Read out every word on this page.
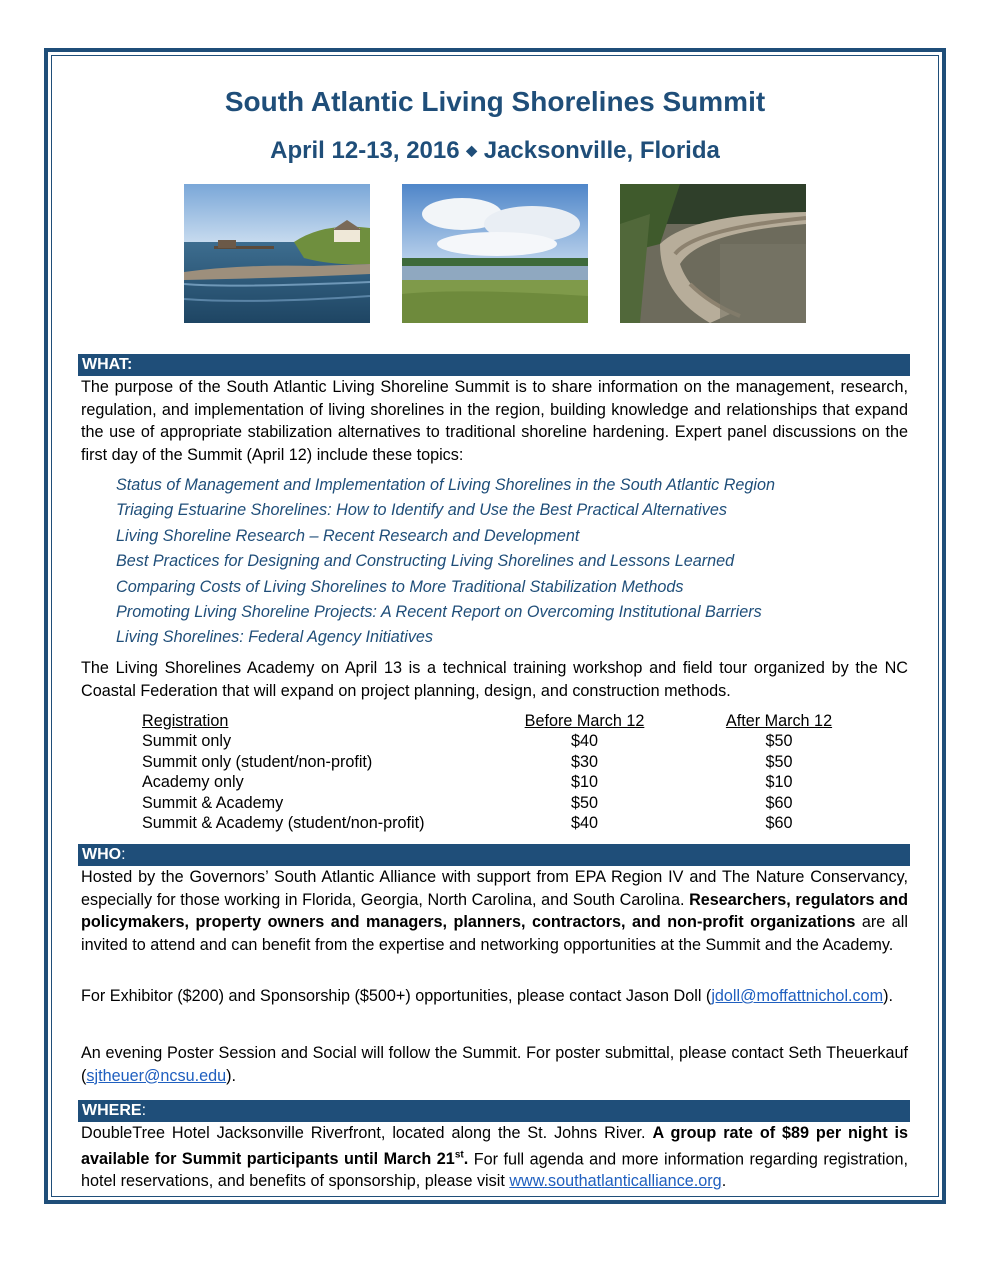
South Atlantic Living Shorelines Summit
April 12-13, 2016 ◆ Jacksonville, Florida
WHAT:
The purpose of the South Atlantic Living Shoreline Summit is to share information on the management, research, regulation, and implementation of living shorelines in the region, building knowledge and relationships that expand the use of appropriate stabilization alternatives to traditional shoreline hardening. Expert panel discussions on the first day of the Summit (April 12) include these topics:
Status of Management and Implementation of Living Shorelines in the South Atlantic Region
Triaging Estuarine Shorelines: How to Identify and Use the Best Practical Alternatives
Living Shoreline Research – Recent Research and Development
Best Practices for Designing and Constructing Living Shorelines and Lessons Learned
Comparing Costs of Living Shorelines to More Traditional Stabilization Methods
Promoting Living Shoreline Projects: A Recent Report on Overcoming Institutional Barriers
Living Shorelines: Federal Agency Initiatives
The Living Shorelines Academy on April 13 is a technical training workshop and field tour organized by the NC Coastal Federation that will expand on project planning, design, and construction methods.
Registration	Before March 12	After March 12
Summit only	$40	$50
Summit only (student/non-profit)	$30	$50
Academy only	$10	$10
Summit & Academy	$50	$60
Summit & Academy (student/non-profit)	$40	$60
WHO:
Hosted by the Governors’ South Atlantic Alliance with support from EPA Region IV and The Nature Conservancy, especially for those working in Florida, Georgia, North Carolina, and South Carolina. Researchers, regulators and policymakers, property owners and managers, planners, contractors, and non-profit organizations are all invited to attend and can benefit from the expertise and networking opportunities at the Summit and the Academy.
For Exhibitor ($200) and Sponsorship ($500+) opportunities, please contact Jason Doll (jdoll@moffattnichol.com).
An evening Poster Session and Social will follow the Summit. For poster submittal, please contact Seth Theuerkauf (sjtheuer@ncsu.edu).
WHERE:
DoubleTree Hotel Jacksonville Riverfront, located along the St. Johns River. A group rate of $89 per night is available for Summit participants until March 21st. For full agenda and more information regarding registration, hotel reservations, and benefits of sponsorship, please visit www.southatlanticalliance.org.
